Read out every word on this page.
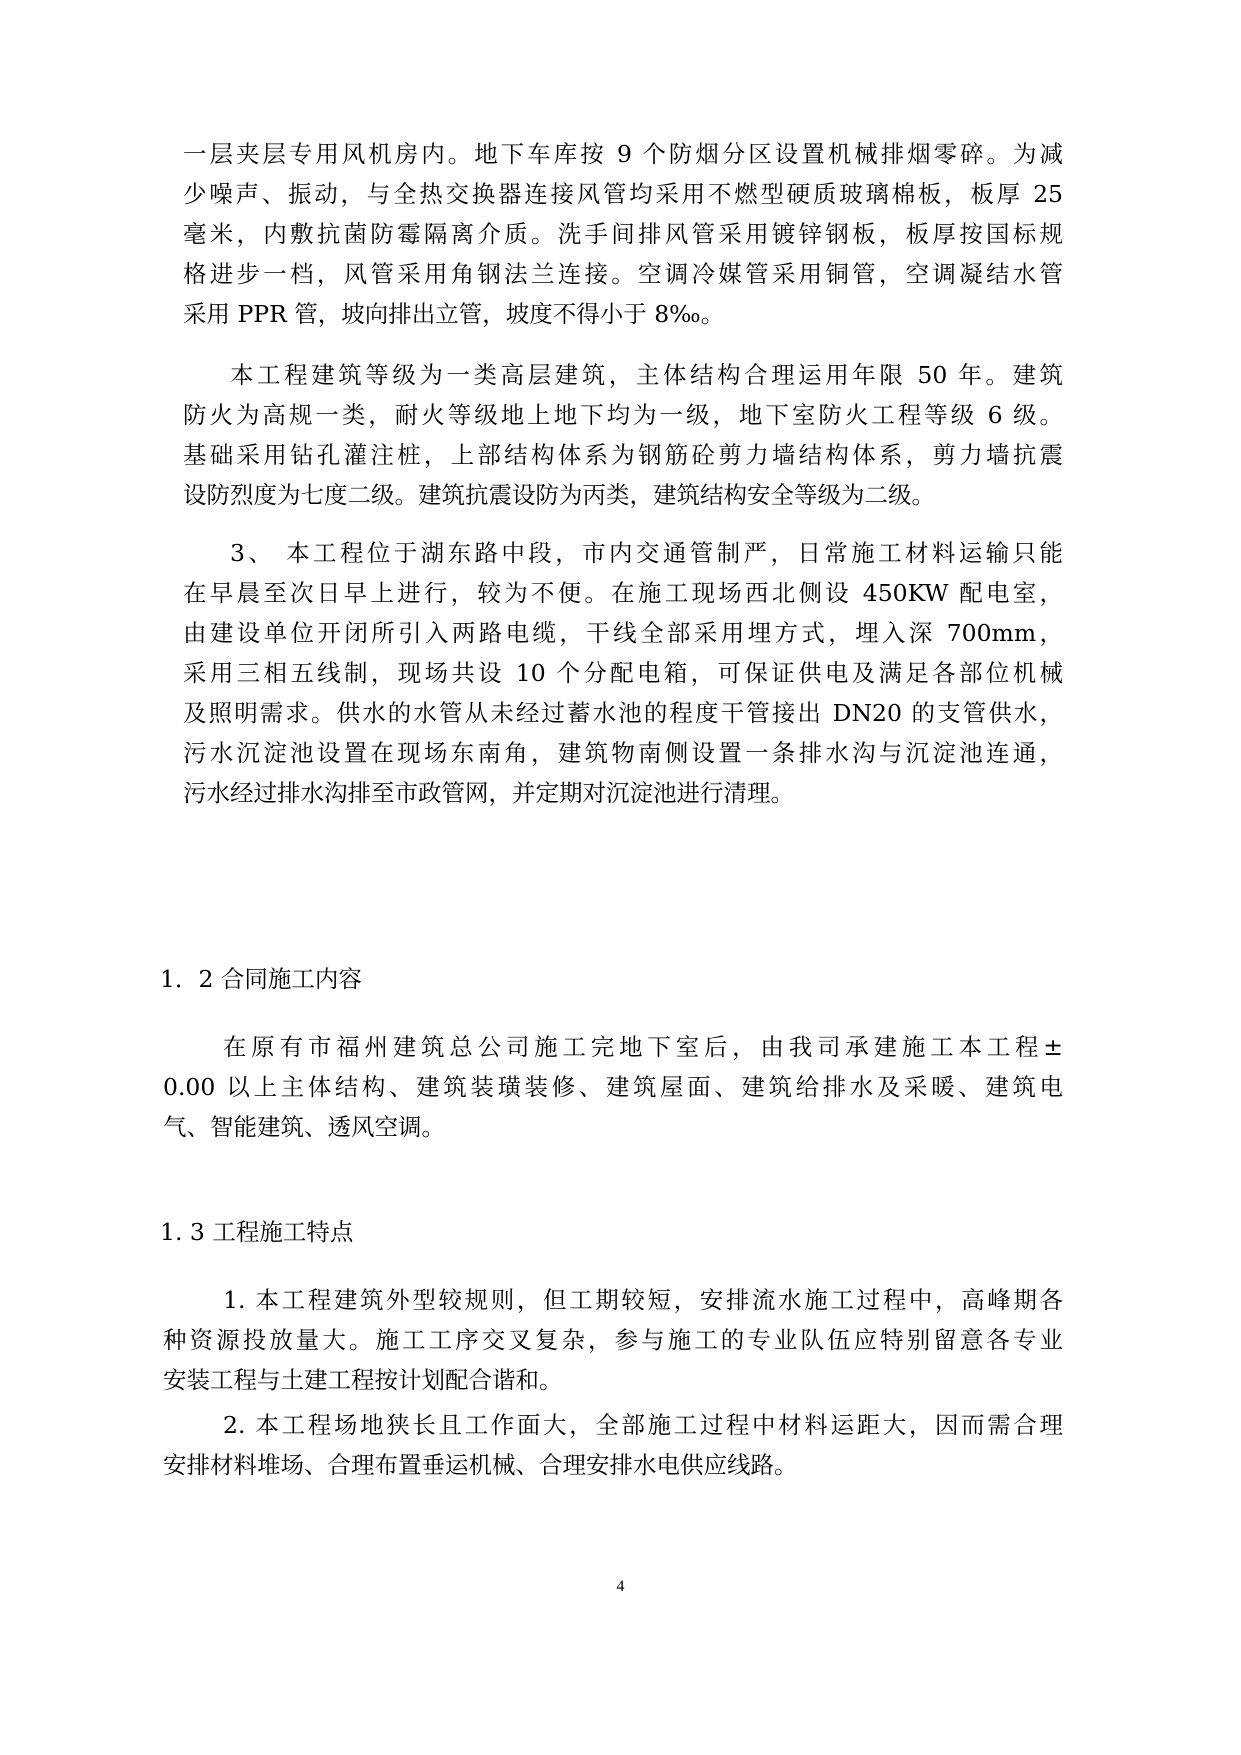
一层夹层专用风机房内。地下车库按 9 个防烟分区设置机械排烟零碎。为减
少噪声、振动，与全热交换器连接风管均采用不燃型硬质玻璃棉板，板厚 25
毫米，内敷抗菌防霉隔离介质。洗手间排风管采用镀锌钢板，板厚按国标规
格进步一档，风管采用角钢法兰连接。空调冷媒管采用铜管，空调凝结水管
采用 PPR 管，坡向排出立管，坡度不得小于 8‰。
本工程建筑等级为一类高层建筑，主体结构合理运用年限 50 年。建筑
防火为高规一类，耐火等级地上地下均为一级，地下室防火工程等级 6 级。
基础采用钻孔灌注桩，上部结构体系为钢筋砼剪力墙结构体系，剪力墙抗震
设防烈度为七度二级。建筑抗震设防为丙类，建筑结构安全等级为二级。
3、 本工程位于湖东路中段，市内交通管制严，日常施工材料运输只能
在早晨至次日早上进行，较为不便。在施工现场西北侧设 450KW 配电室，
由建设单位开闭所引入两路电缆，干线全部采用埋方式，埋入深 700mm，
采用三相五线制，现场共设 10 个分配电箱，可保证供电及满足各部位机械
及照明需求。供水的水管从未经过蓄水池的程度干管接出 DN20 的支管供水，
污水沉淀池设置在现场东南角，建筑物南侧设置一条排水沟与沉淀池连通，
污水经过排水沟排至市政管网，并定期对沉淀池进行清理。
1．2 合同施工内容
在原有市福州建筑总公司施工完地下室后，由我司承建施工本工程±
0.00 以上主体结构、建筑装璜装修、建筑屋面、建筑给排水及采暖、建筑电
气、智能建筑、透风空调。
1. 3 工程施工特点
1. 本工程建筑外型较规则，但工期较短，安排流水施工过程中，高峰期各
种资源投放量大。施工工序交叉复杂，参与施工的专业队伍应特别留意各专业
安装工程与土建工程按计划配合谐和。
2. 本工程场地狭长且工作面大，全部施工过程中材料运距大，因而需合理
安排材料堆场、合理布置垂运机械、合理安排水电供应线路。
4
